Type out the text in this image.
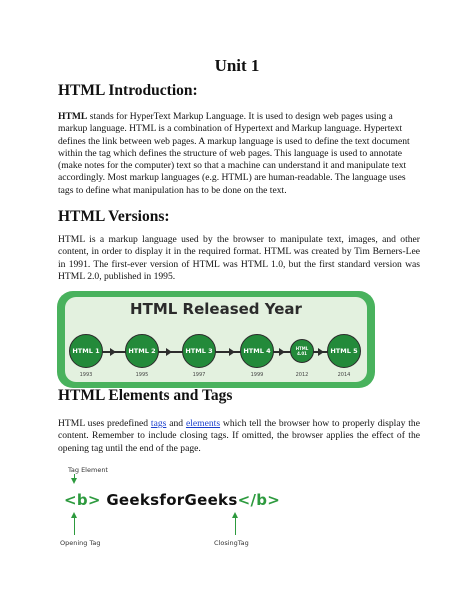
Unit 1
HTML Introduction:

HTML stands for HyperText Markup Language. It is used to design web pages using a markup language. HTML is a combination of Hypertext and Markup language. Hypertext defines the link between web pages. A markup language is used to define the text document within the tag which defines the structure of web pages. This language is used to annotate (make notes for the computer) text so that a machine can understand it and manipulate text accordingly. Most markup languages (e.g. HTML) are human-readable. The language uses tags to define what manipulation has to be done on the text.

HTML Versions:

HTML is a markup language used by the browser to manipulate text, images, and other content, in order to display it in the required format. HTML was created by Tim Berners-Lee in 1991. The first-ever version of HTML was HTML 1.0, but the first standard version was HTML 2.0, published in 1995.

HTML Released Year
HTML 1	HTML 2	HTML 3	HTML 4	HTML 4.01	HTML 5
1993	1995	1997	1999	2012	2014
HTML Elements and Tags

HTML uses predefined tags and elements which tell the browser how to properly display the content. Remember to include closing tags. If omitted, the browser applies the effect of the opening tag until the end of the page.

Tag Element
<b> GeeksforGeeks</b>
Opening Tag	ClosingTag
